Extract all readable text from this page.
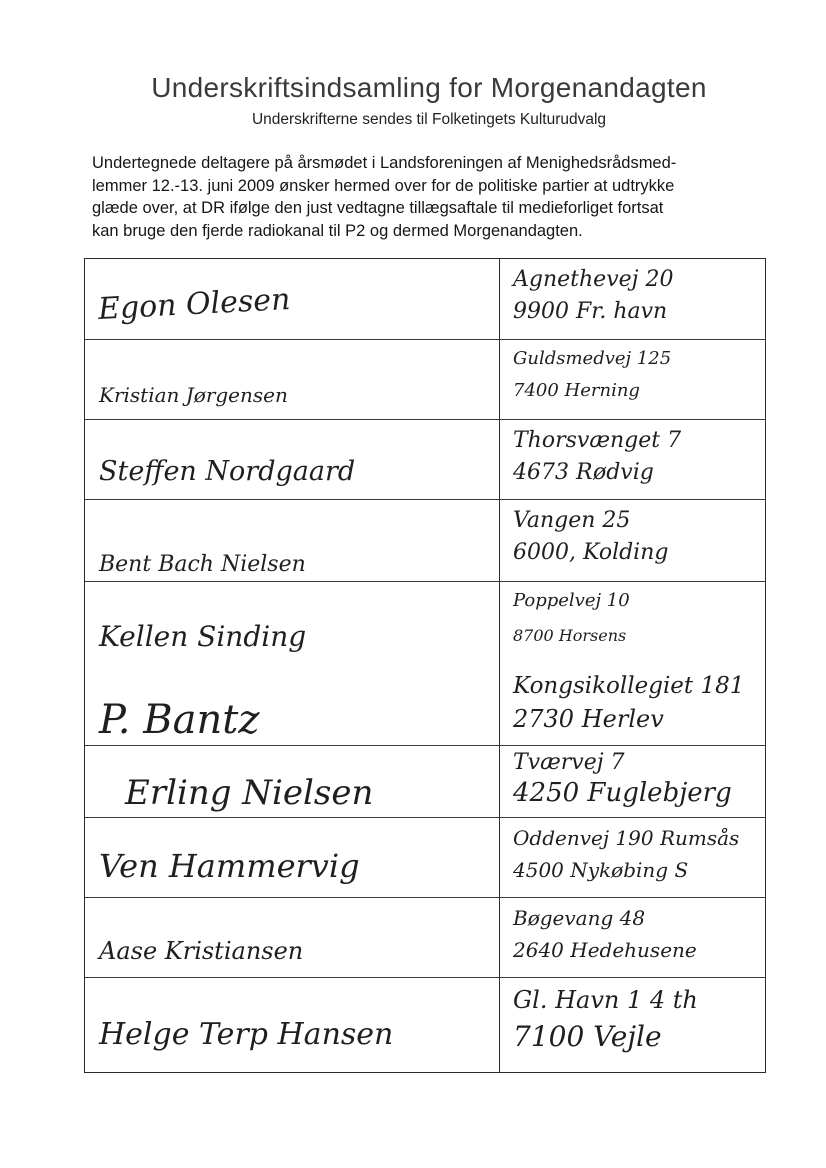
Underskriftsindsamling for Morgenandagten
Underskrifterne sendes til Folketingets Kulturudvalg

Undertegnede deltagere på årsmødet i Landsforeningen af Menighedsrådsmed-

lemmer 12.-13. juni 2009 ønsker hermed over for de politiske partier at udtrykke

glæde over, at DR ifølge den just vedtagne tillægsaftale til medieforliget fortsat

kan bruge den fjerde radiokanal til P2 og dermed Morgenandagten.

Egon Olesen
Agnethevej 20
9900 Fr. havn
Kristian Jørgensen
Guldsmedvej 125
7400 Herning
Steffen Nordgaard
Thorsvænget 7
4673 Rødvig
Bent Bach Nielsen
Vangen 25
6000, Kolding
Kellen Sinding
Poppelvej 10
8700 Horsens
P. Bantz
Kongsikollegiet 181
2730 Herlev
Erling Nielsen
Tværvej 7
4250 Fuglebjerg
Ven Hammervig
Oddenvej 190 Rumsås
4500 Nykøbing S
Aase Kristiansen
Bøgevang 48
2640 Hedehusene
Helge Terp Hansen
Gl. Havn 1 4 th
7100 Vejle
